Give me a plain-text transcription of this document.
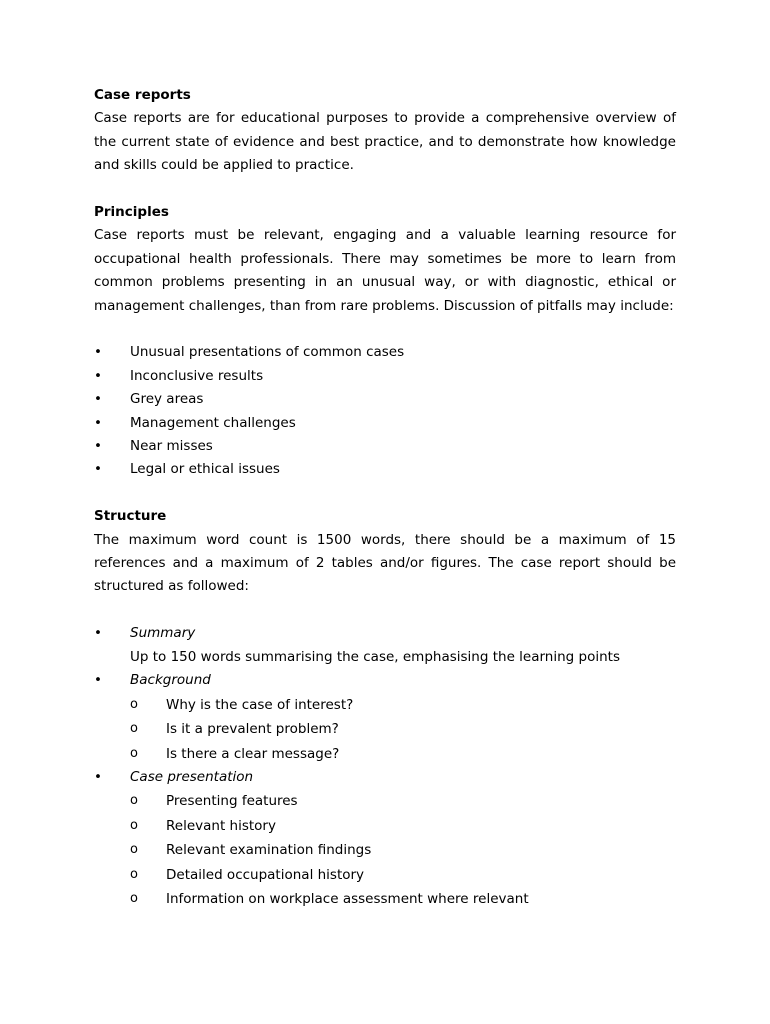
Case reports

Case reports are for educational purposes to provide a comprehensive overview of the current state of evidence and best practice, and to demonstrate how knowledge and skills could be applied to practice.

Principles

Case reports must be relevant, engaging and a valuable learning resource for occupational health professionals. There may sometimes be more to learn from common problems presenting in an unusual way, or with diagnostic, ethical or management challenges, than from rare problems. Discussion of pitfalls may include:

•	Unusual presentations of common cases
•	Inconclusive results
•	Grey areas
•	Management challenges
•	Near misses
•	Legal or ethical issues

Structure

The maximum word count is 1500 words, there should be a maximum of 15 references and a maximum of 2 tables and/or figures. The case report should be structured as followed:

•	Summary
Up to 150 words summarising the case, emphasising the learning points
•	Background
o	Why is the case of interest?
o	Is it a prevalent problem?
o	Is there a clear message?
•	Case presentation
o	Presenting features
o	Relevant history
o	Relevant examination findings
o	Detailed occupational history
o	Information on workplace assessment where relevant
